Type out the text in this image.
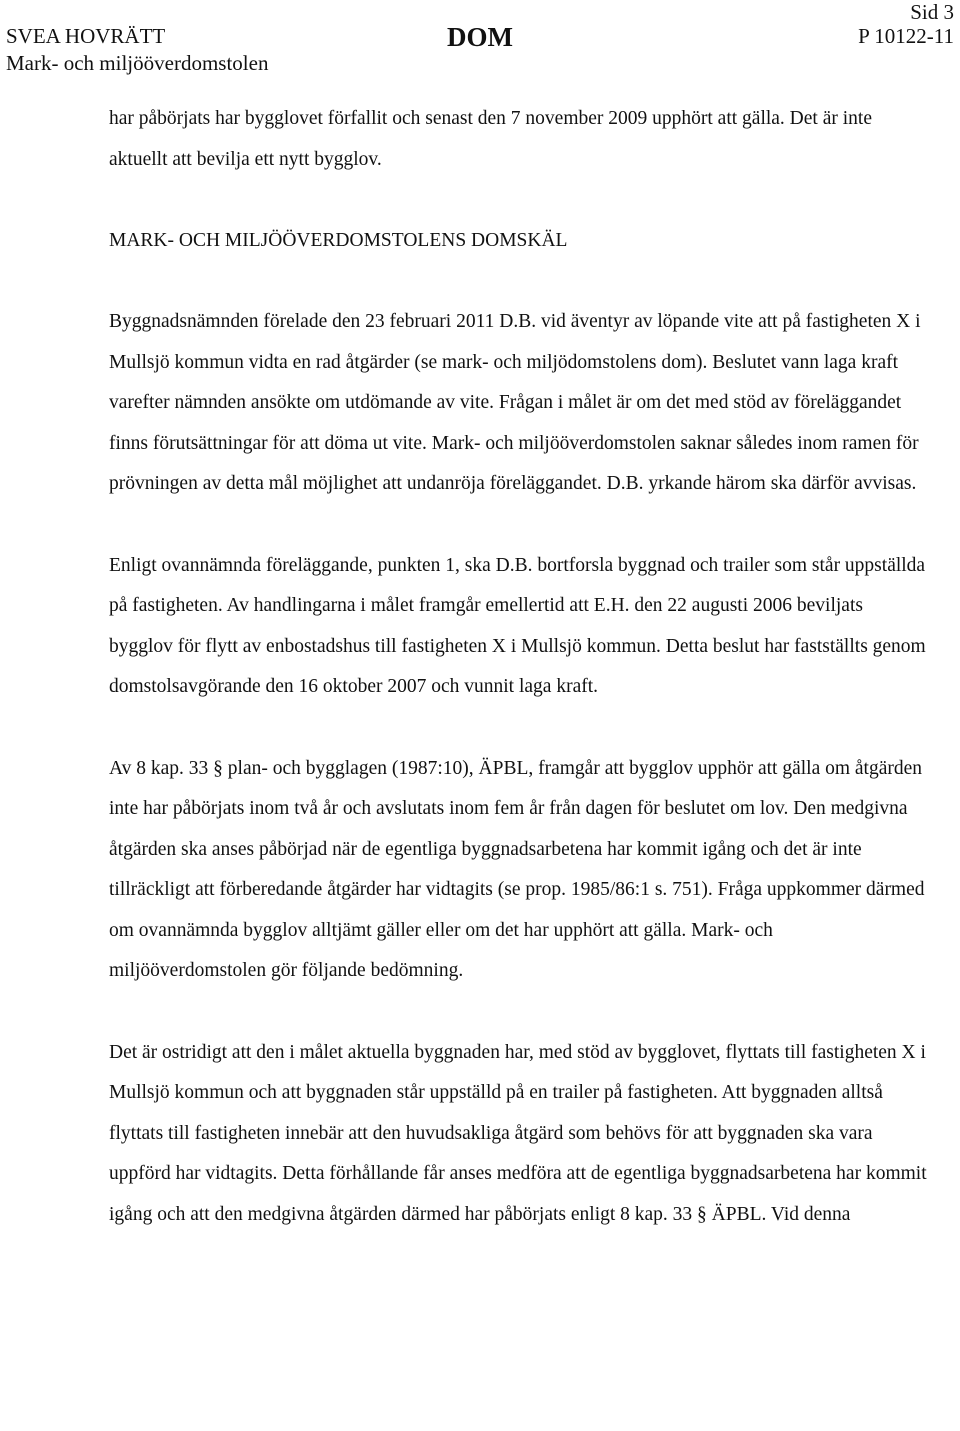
SVEA HOVRÄTT
Mark- och miljööverdomstolen
DOM
Sid 3
P 10122-11

har påbörjats har bygglovet förfallit och senast den 7 november 2009 upphört att gälla. Det är inte aktuellt att bevilja ett nytt bygglov.

MARK- OCH MILJÖÖVERDOMSTOLENS DOMSKÄL

Byggnadsnämnden förelade den 23 februari 2011 D.B. vid äventyr av löpande vite att på fastigheten X i Mullsjö kommun vidta en rad åtgärder (se mark- och miljödomstolens dom). Beslutet vann laga kraft varefter nämnden ansökte om utdömande av vite. Frågan i målet är om det med stöd av föreläggandet finns förutsättningar för att döma ut vite. Mark- och miljööverdomstolen saknar således inom ramen för prövningen av detta mål möjlighet att undanröja föreläggandet. D.B. yrkande härom ska därför avvisas.

Enligt ovannämnda föreläggande, punkten 1, ska D.B. bortforsla byggnad och trailer som står uppställda på fastigheten. Av handlingarna i målet framgår emellertid att E.H. den 22 augusti 2006 beviljats bygglov för flytt av enbostadshus till fastigheten X i Mullsjö kommun. Detta beslut har fastställts genom domstolsavgörande den 16 oktober 2007 och vunnit laga kraft.

Av 8 kap. 33 § plan- och bygglagen (1987:10), ÄPBL, framgår att bygglov upphör att gälla om åtgärden inte har påbörjats inom två år och avslutats inom fem år från dagen för beslutet om lov. Den medgivna åtgärden ska anses påbörjad när de egentliga byggnadsarbetena har kommit igång och det är inte tillräckligt att förberedande åtgärder har vidtagits (se prop. 1985/86:1 s. 751). Fråga uppkommer därmed om ovannämnda bygglov alltjämt gäller eller om det har upphört att gälla. Mark- och miljööverdomstolen gör följande bedömning.

Det är ostridigt att den i målet aktuella byggnaden har, med stöd av bygglovet, flyttats till fastigheten X i Mullsjö kommun och att byggnaden står uppställd på en trailer på fastigheten. Att byggnaden alltså flyttats till fastigheten innebär att den huvudsakliga åtgärd som behövs för att byggnaden ska vara uppförd har vidtagits. Detta förhållande får anses medföra att de egentliga byggnadsarbetena har kommit igång och att den medgivna åtgärden därmed har påbörjats enligt 8 kap. 33 § ÄPBL. Vid denna
